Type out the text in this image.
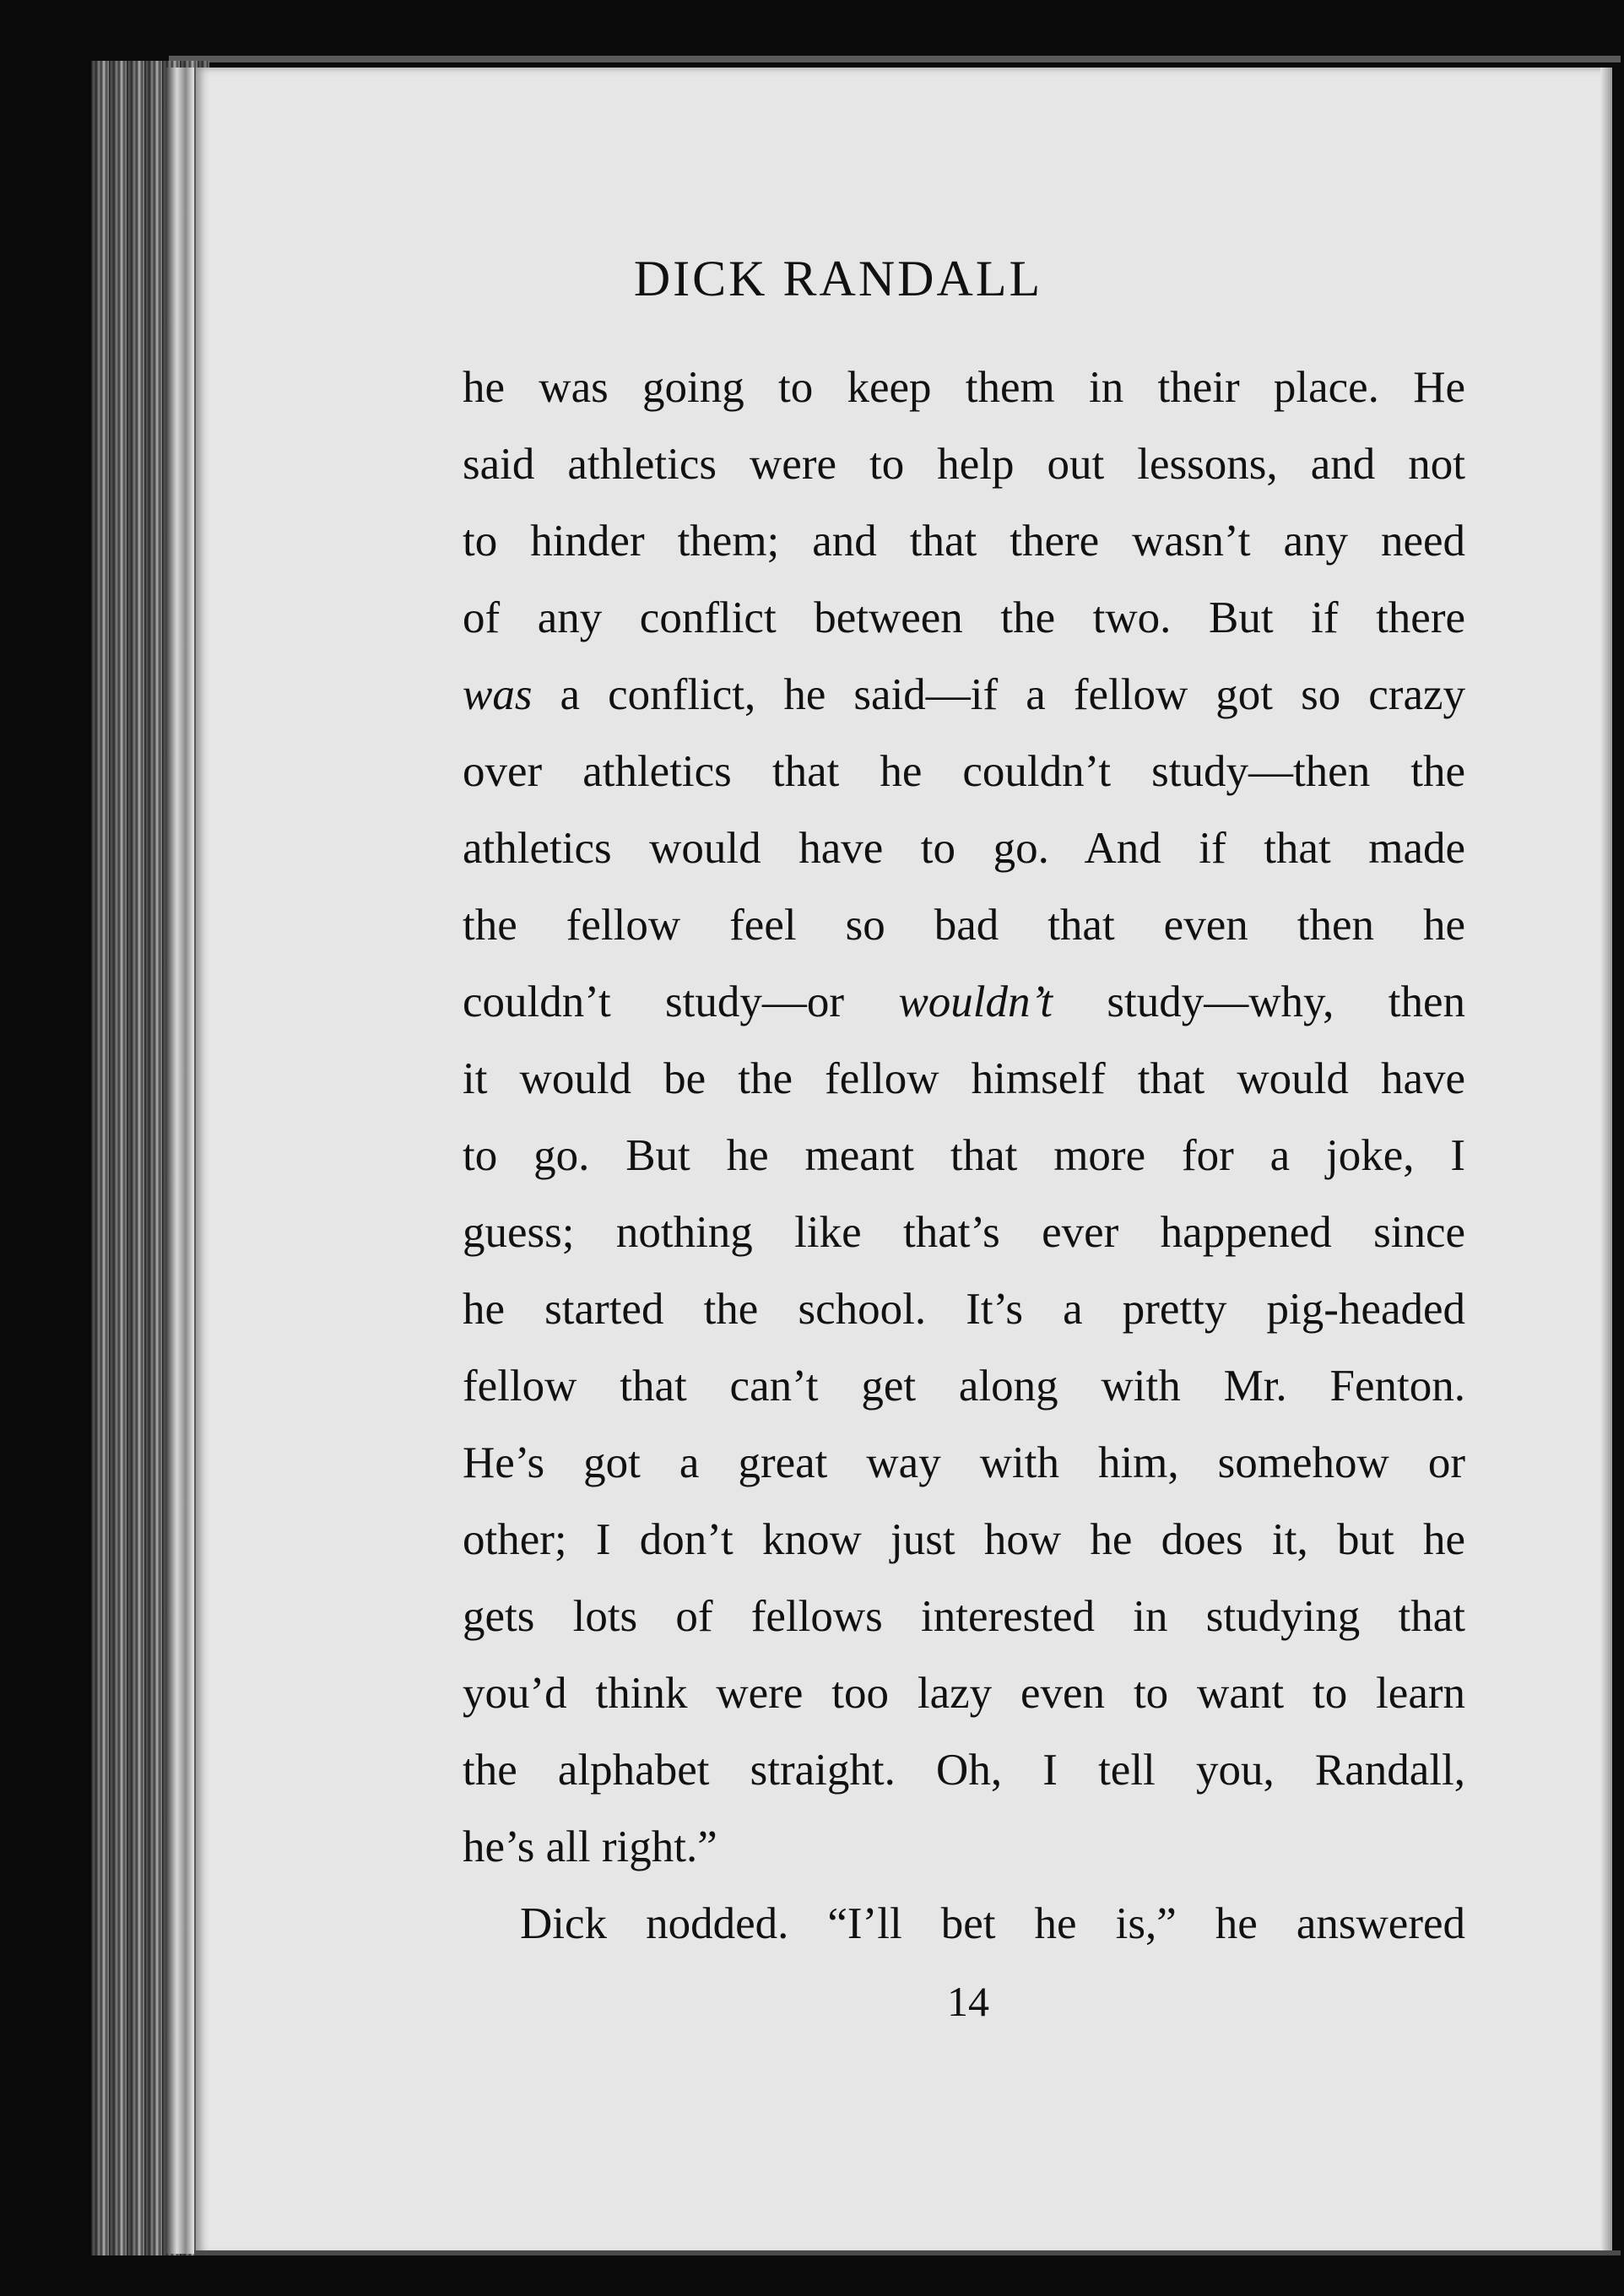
DICK RANDALL
he was going to keep them in their place. He
said athletics were to help out lessons, and not
to hinder them; and that there wasn’t any need
of any conflict between the two. But if there
was a conflict, he said—if a fellow got so crazy
over athletics that he couldn’t study—then the
athletics would have to go. And if that made
the fellow feel so bad that even then he
couldn’t study—or wouldn’t study—why, then
it would be the fellow himself that would have
to go. But he meant that more for a joke, I
guess; nothing like that’s ever happened since
he started the school. It’s a pretty pig-headed
fellow that can’t get along with Mr. Fenton.
He’s got a great way with him, somehow or
other; I don’t know just how he does it, but he
gets lots of fellows interested in studying that
you’d think were too lazy even to want to learn
the alphabet straight. Oh, I tell you, Randall,
he’s all right.”
Dick nodded. “I’ll bet he is,” he answered
14
